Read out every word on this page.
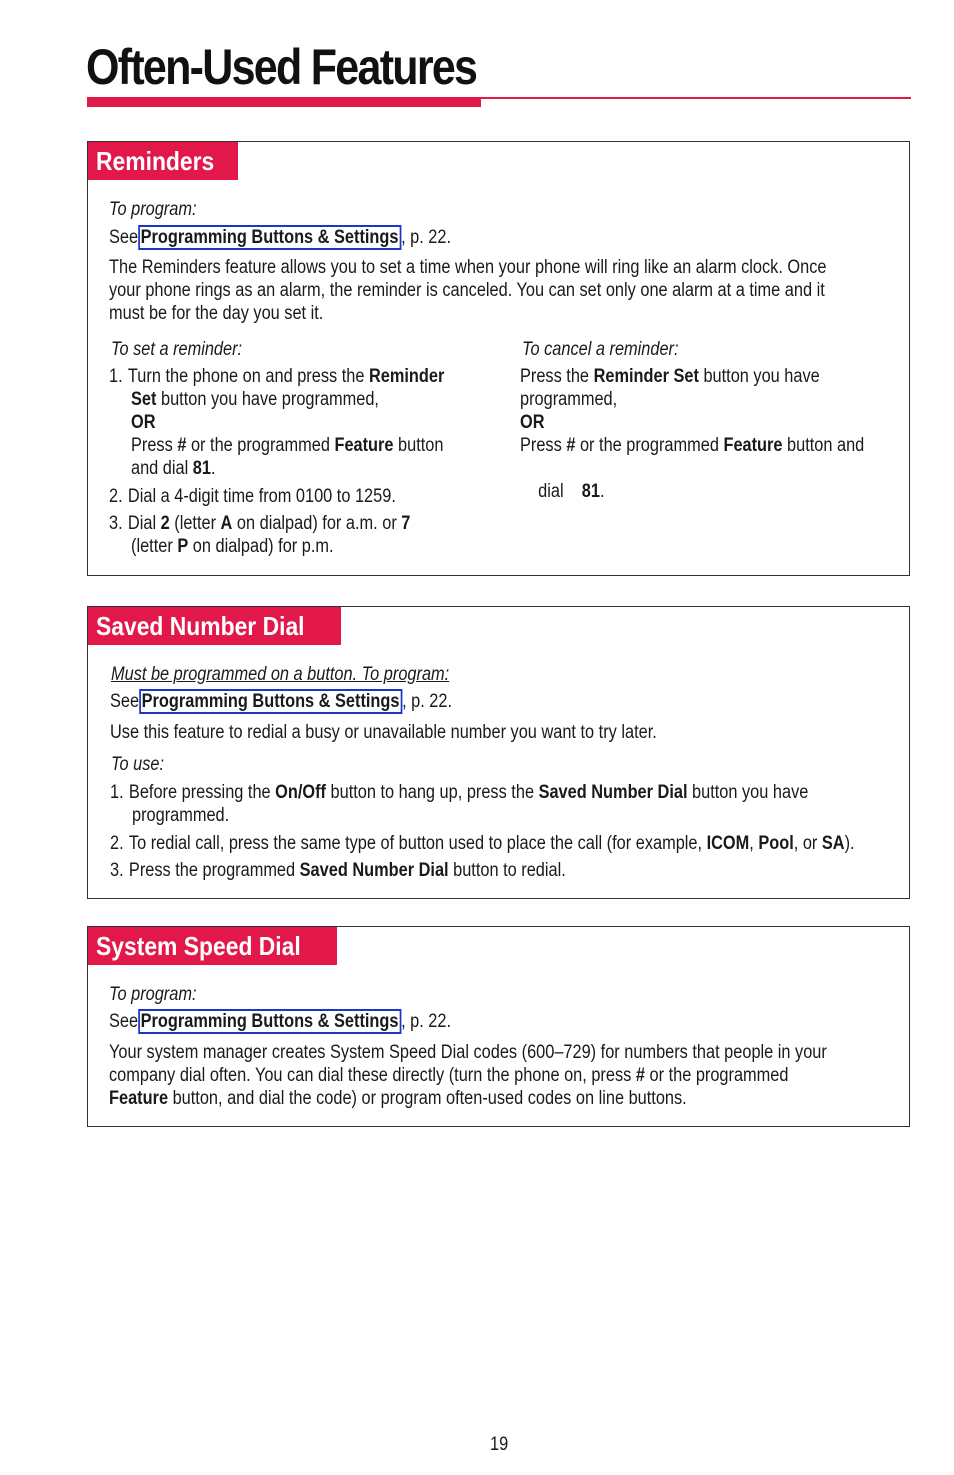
Often-Used Features
Reminders
To program:
See Programming Buttons & Settings , p. 22.
The Reminders feature allows you to set a time when your phone will ring like an alarm clock. Once
your phone rings as an alarm, the reminder is canceled. You can set only one alarm at a time and it
must be for the day you set it.
To set a reminder:
1. Turn the phone on and press the Reminder
Set button you have programmed,
OR
Press # or the programmed Feature button
and dial 81.
2. Dial a 4-digit time from 0100 to 1259.
3. Dial 2 (letter A on dialpad) for a.m. or 7
(letter P on dialpad) for p.m.
To cancel a reminder:
Press the Reminder Set button you have
programmed,
OR
Press # or the programmed Feature button and

dial    81.

Saved Number Dial
Must be programmed on a button. To program:
See Programming Buttons & Settings , p. 22.
Use this feature to redial a busy or unavailable number you want to try later.
To use:
1. Before pressing the On/Off button to hang up, press the Saved Number Dial button you have
programmed.
2. To redial call, press the same type of button used to place the call (for example, ICOM, Pool, or SA).
3. Press the programmed Saved Number Dial button to redial.
System Speed Dial
To program:
See Programming Buttons & Settings , p. 22.
Your system manager creates System Speed Dial codes (600–729) for numbers that people in your
company dial often. You can dial these directly (turn the phone on, press # or the programmed
Feature button, and dial the code) or program often-used codes on line buttons.
19
